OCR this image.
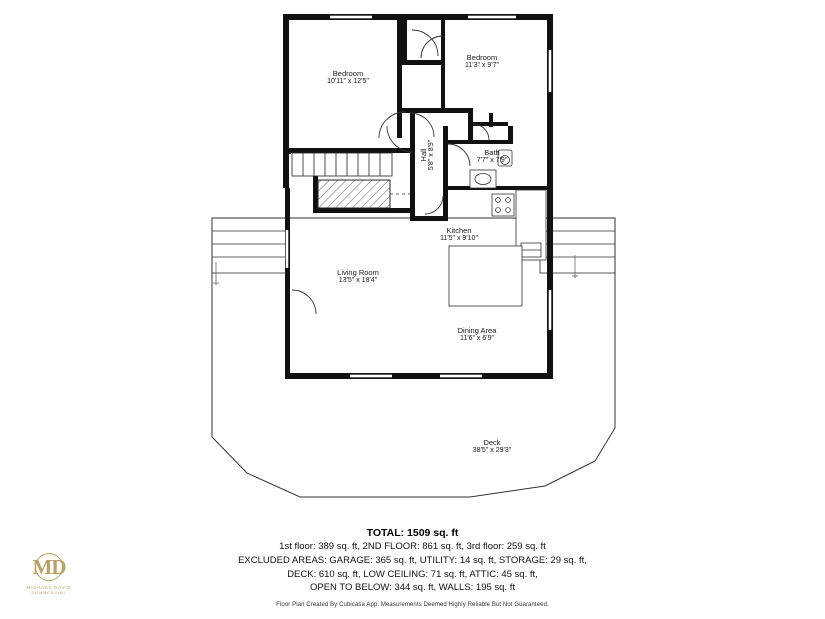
Bedroom
10'11" x 12'5"
Bedroom
11'3" x 9'7"
Hall 5'8" x 8'9"	Bath
7'7" x 7'9"
Kitchen
11'5" x 9'10"
Living Room
13'5" x 18'4"
Dining Area
11'6" x 6'9"
Deck
38'5" x 29'3"
TOTAL: 1509 sq. ft
1st floor: 389 sq. ft, 2ND FLOOR: 861 sq. ft, 3rd floor: 259 sq. ft
EXCLUDED AREAS: GARAGE: 365 sq. ft, UTILITY: 14 sq. ft, STORAGE: 29 sq. ft,
DECK: 610 sq. ft, LOW CEILING: 71 sq. ft, ATTIC: 45 sq. ft,
OPEN TO BELOW: 344 sq. ft, WALLS: 195 sq. ft
Floor Plan Created By Cubicasa App. Measurements Deemed Highly Reliable But Not Guaranteed.
MD
MICHAEL DAVID
COMMERCIAL
